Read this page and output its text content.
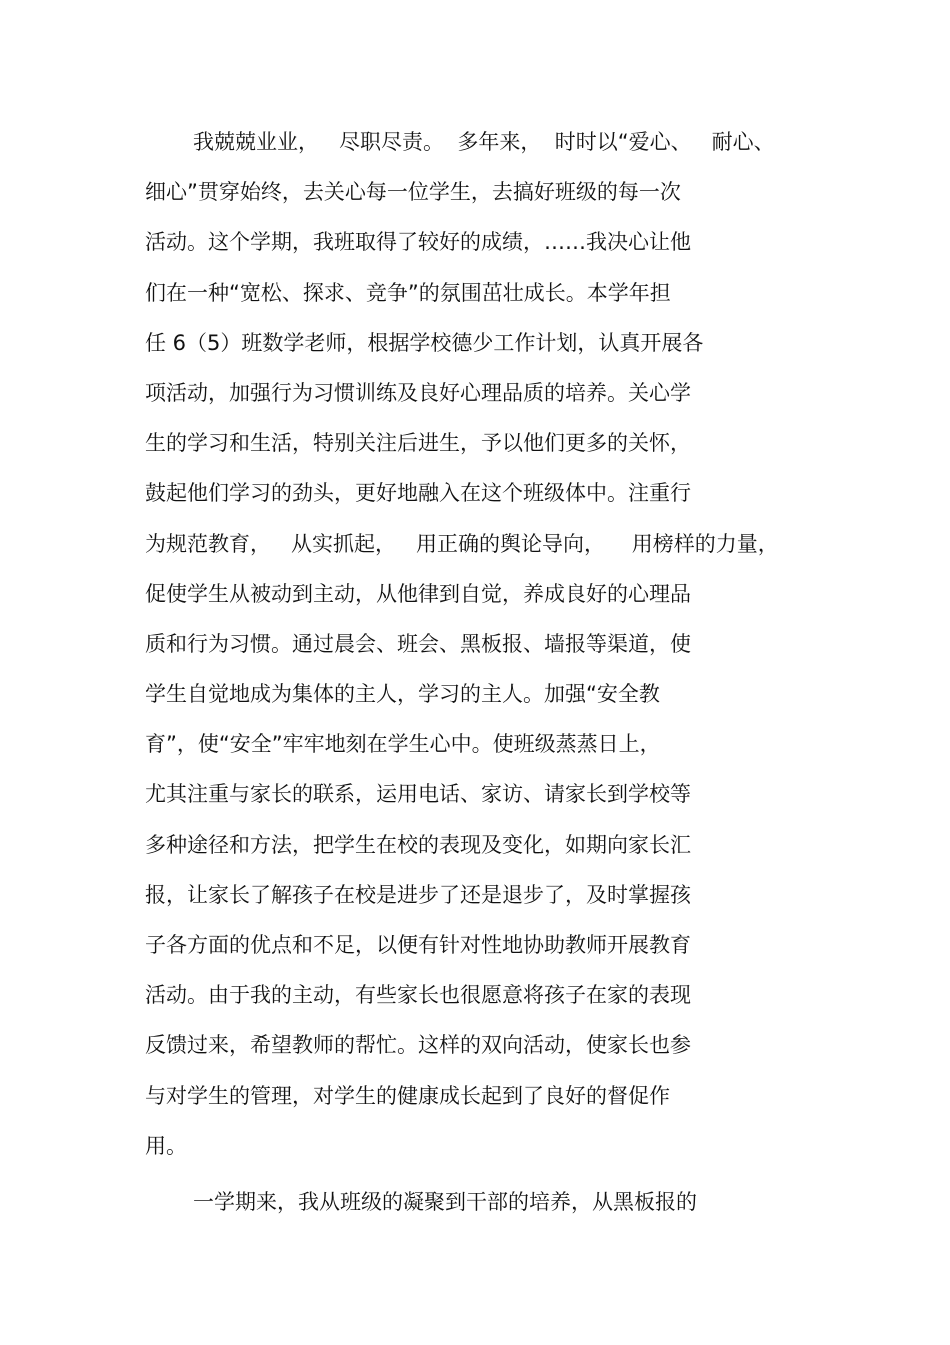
我兢兢业业，   尽职尽责。  多年来，  时时以“爱心、   耐心、
细心”贯穿始终，去关心每一位学生，去搞好班级的每一次
活动。这个学期，我班取得了较好的成绩，……我决心让他
们在一种“宽松、探求、竞争”的氛围茁壮成长。本学年担
任 6（5）班数学老师，根据学校德少工作计划，认真开展各
项活动，加强行为习惯训练及良好心理品质的培养。关心学
生的学习和生活，特别关注后进生，予以他们更多的关怀，
鼓起他们学习的劲头，更好地融入在这个班级体中。注重行
为规范教育，   从实抓起，   用正确的舆论导向，    用榜样的力量，
促使学生从被动到主动，从他律到自觉，养成良好的心理品
质和行为习惯。通过晨会、班会、黑板报、墙报等渠道，使
学生自觉地成为集体的主人，学习的主人。加强“安全教
育”，使“安全”牢牢地刻在学生心中。使班级蒸蒸日上，
尤其注重与家长的联系，运用电话、家访、请家长到学校等
多种途径和方法，把学生在校的表现及变化，如期向家长汇
报，让家长了解孩子在校是进步了还是退步了，及时掌握孩
子各方面的优点和不足，以便有针对性地协助教师开展教育
活动。由于我的主动，有些家长也很愿意将孩子在家的表现
反馈过来，希望教师的帮忙。这样的双向活动，使家长也参
与对学生的管理，对学生的健康成长起到了良好的督促作
用。
一学期来，我从班级的凝聚到干部的培养，从黑板报的
